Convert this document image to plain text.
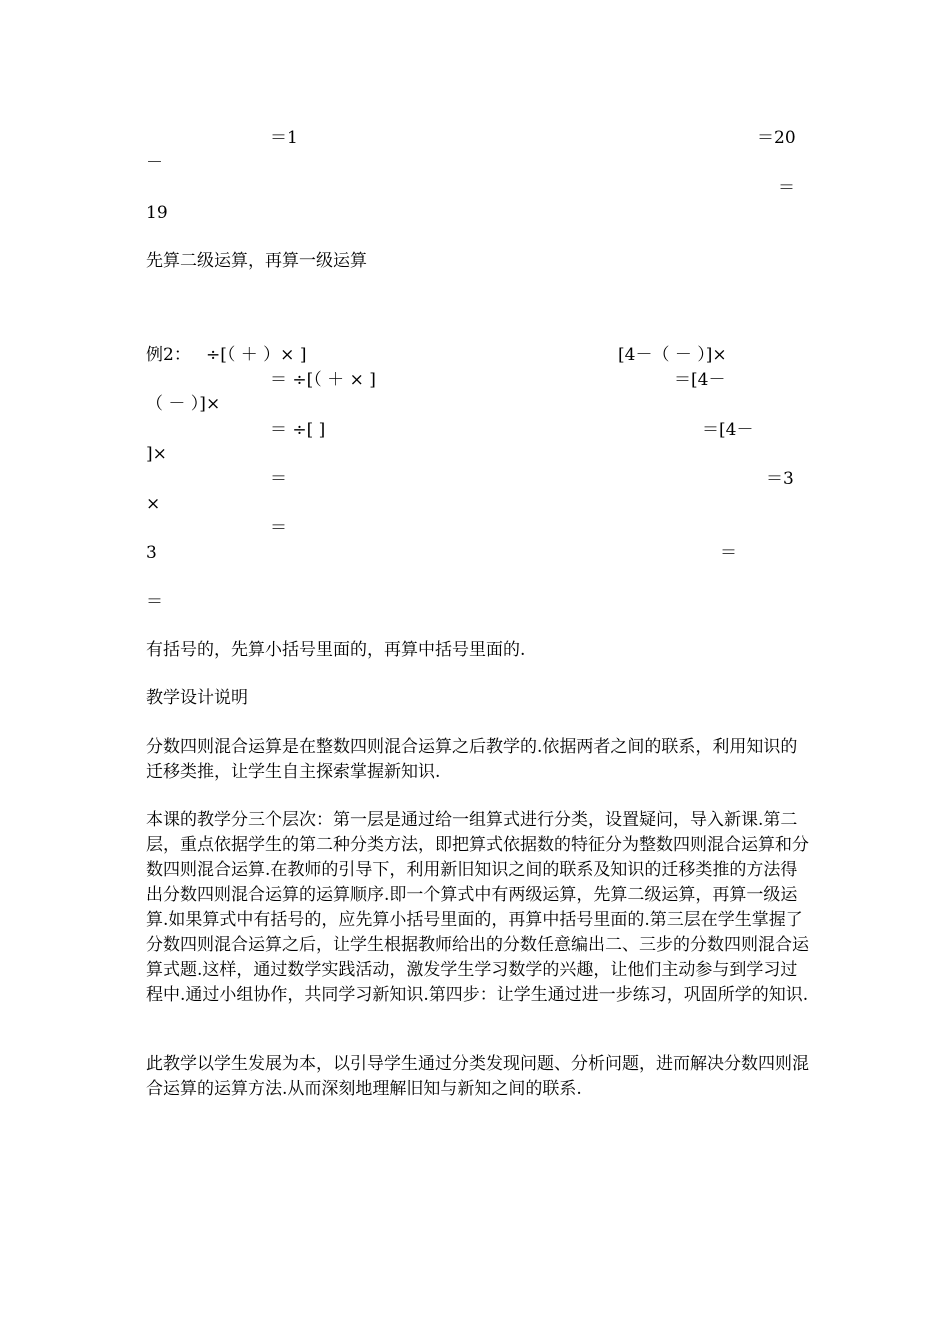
＝1	＝20
－
＝
19
先算二级运算，再算一级运算
例2： ÷[（ ＋ ）× ]	[4－（ － ）]×
＝ ÷[（ ＋ × ]	＝[4－
（ － ）]×
＝ ÷[ ]	＝[4－
]×
＝	＝3
×
＝
3	＝
＝
有括号的，先算小括号里面的，再算中括号里面的.
教学设计说明
分数四则混合运算是在整数四则混合运算之后教学的.依据两者之间的联系，利用知识的迁移类推，让学生自主探索掌握新知识.
本课的教学分三个层次：第一层是通过给一组算式进行分类，设置疑问，导入新课.第二层，重点依据学生的第二种分类方法，即把算式依据数的特征分为整数四则混合运算和分数四则混合运算.在教师的引导下，利用新旧知识之间的联系及知识的迁移类推的方法得出分数四则混合运算的运算顺序.即一个算式中有两级运算，先算二级运算，再算一级运算.如果算式中有括号的，应先算小括号里面的，再算中括号里面的.第三层在学生掌握了分数四则混合运算之后，让学生根据教师给出的分数任意编出二、三步的分数四则混合运算式题.这样，通过数学实践活动，激发学生学习数学的兴趣，让他们主动参与到学习过程中.通过小组协作，共同学习新知识.第四步：让学生通过进一步练习，巩固所学的知识.
此教学以学生发展为本，以引导学生通过分类发现问题、分析问题，进而解决分数四则混合运算的运算方法.从而深刻地理解旧知与新知之间的联系.
